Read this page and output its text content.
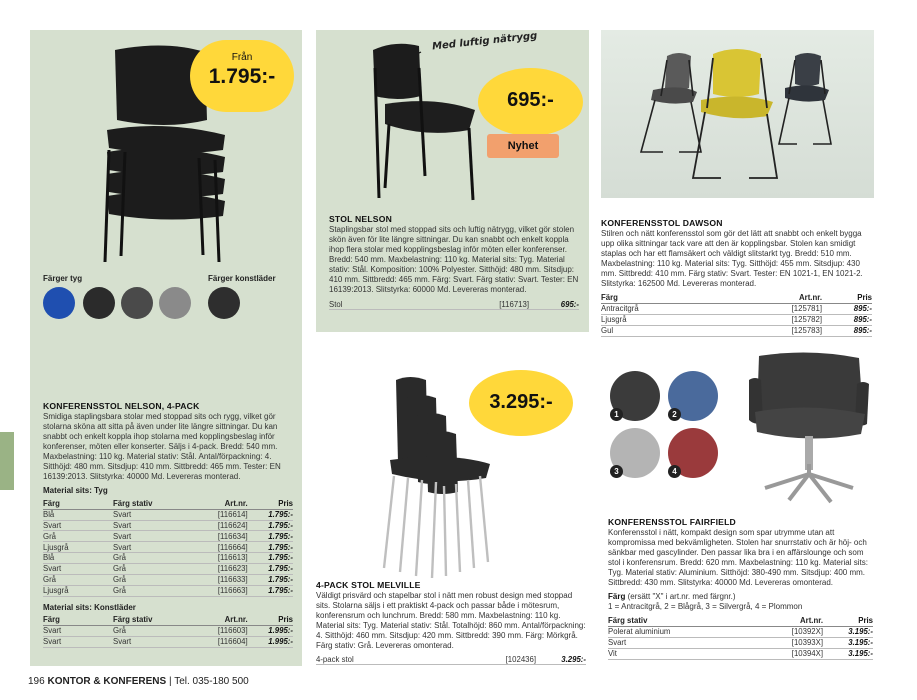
Från
1.795:-
Färger tyg	Färger konstläder
KONFERENSSTOL NELSON, 4-PACK
Smidiga staplingsbara stolar med stoppad sits och rygg, vilket gör stolarna sköna att sitta på även under lite längre sittningar. Du kan snabbt och enkelt koppla ihop stolarna med kopplingsbeslag inför konferenser, möten eller konserter. Säljs i 4-pack. Bredd: 540 mm. Maxbelastning: 110 kg. Material stativ: Stål. Antal/förpackning: 4. Sitthöjd: 480 mm. Sitsdjup: 410 mm. Sittbredd: 465 mm. Tester: EN 16139:2013. Slitstyrka: 40000 Md. Levereras monterad.
Material sits: Tyg
Färg	Färg stativ	Art.nr.	Pris
Blå	Svart	[116614]	1.795:-
Svart	Svart	[116624]	1.795:-
Grå	Svart	[116634]	1.795:-
Ljusgrå	Svart	[116664]	1.795:-
Blå	Grå	[116613]	1.795:-
Svart	Grå	[116623]	1.795:-
Grå	Grå	[116633]	1.795:-
Ljusgrå	Grå	[116663]	1.795:-
Material sits: Konstläder
Färg	Färg stativ	Art.nr.	Pris
Svart	Grå	[116603]	1.995:-
Svart	Svart	[116604]	1.995:-
Med luftig nätrygg
695:-
Nyhet
STOL NELSON
Staplingsbar stol med stoppad sits och luftig nätrygg, vilket gör stolen skön även för lite längre sittningar. Du kan snabbt och enkelt koppla ihop flera stolar med kopplingsbeslag inför möten eller konferenser. Bredd: 540 mm. Maxbelastning: 110 kg. Material sits: Tyg. Material stativ: Stål. Komposition: 100% Polyester. Sitthöjd: 480 mm. Sitsdjup: 410 mm. Sittbredd: 465 mm. Färg: Svart. Färg stativ: Svart. Tester: EN 16139:2013. Slitstyrka: 60000 Md. Levereras monterad.
Stol	[116713]	695:-
KONFERENSSTOL DAWSON
Stilren och nätt konferensstol som gör det lätt att snabbt och enkelt bygga upp olika sittningar tack vare att den är kopplingsbar. Stolen kan smidigt staplas och har ett flamsäkert och väldigt slitstarkt tyg. Bredd: 510 mm. Maxbelastning: 110 kg. Material sits: Tyg. Sitthöjd: 455 mm. Sitsdjup: 430 mm. Sittbredd: 410 mm. Färg stativ: Svart. Tester: EN 1021-1, EN 1021-2. Slitstyrka: 162500 Md. Levereras monterad.
Färg	Art.nr.	Pris
Antracitgrå	[125781]	895:-
Ljusgrå	[125782]	895:-
Gul	[125783]	895:-
3.295:-
4-PACK STOL MELVILLE
Väldigt prisvärd och stapelbar stol i nätt men robust design med stoppad sits. Stolarna säljs i ett praktiskt 4-pack och passar både i mötesrum, konferensrum och lunchrum. Bredd: 580 mm. Maxbelastning: 110 kg. Material sits: Tyg. Material stativ: Stål. Totalhöjd: 860 mm. Antal/förpackning: 4. Sitthöjd: 460 mm. Sitsdjup: 420 mm. Sittbredd: 390 mm. Färg: Mörkgrå. Färg stativ: Grå. Levereras omonterad.
4-pack stol	[102436]	3.295:-
1	2
3	4
KONFERENSSTOL FAIRFIELD
Konferensstol i nätt, kompakt design som spar utrymme utan att kompromissa med bekvämligheten. Stolen har snurrstativ och är höj- och sänkbar med gascylinder. Den passar lika bra i en affärslounge och som stol i konferensrum. Bredd: 620 mm. Maxbelastning: 110 kg. Material sits: Tyg. Material stativ: Aluminium. Sitthöjd: 380-490 mm. Sitsdjup: 400 mm. Sittbredd: 430 mm. Slitstyrka: 40000 Md. Levereras omonterad.
Färg (ersätt "X" i art.nr. med färgnr.)
1 = Antracitgrå, 2 = Blågrå, 3 = Silvergrå, 4 = Plommon
Färg stativ	Art.nr.	Pris
Polerat aluminium	[10392X]	3.195:-
Svart	[10393X]	3.195:-
Vit	[10394X]	3.195:-
196 KONTOR & KONFERENS | Tel. 035-180 500
